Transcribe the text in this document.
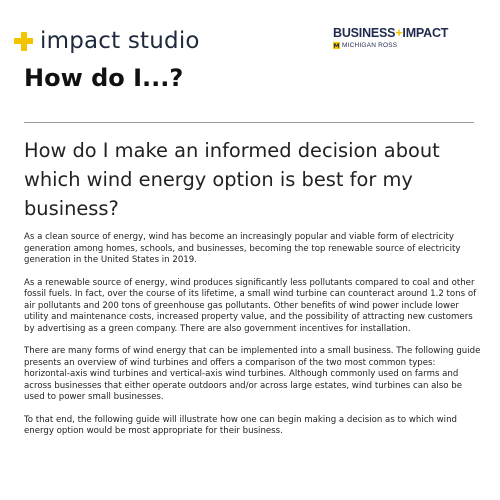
impact studio	BUSINESS+IMPACT
MICHIGAN ROSS
How do I...?
How do I make an informed decision about which wind energy option is best for my business?

As a clean source of energy, wind has become an increasingly popular and viable form of electricity generation among homes, schools, and businesses, becoming the top renewable source of electricity generation in the United States in 2019.

As a renewable source of energy, wind produces significantly less pollutants compared to coal and other fossil fuels. In fact, over the course of its lifetime, a small wind turbine can counteract around 1.2 tons of air pollutants and 200 tons of greenhouse gas pollutants. Other benefits of wind power include lower utility and maintenance costs, increased property value, and the possibility of attracting new customers by advertising as a green company. There are also government incentives for installation.

There are many forms of wind energy that can be implemented into a small business. The following guide presents an overview of wind turbines and offers a comparison of the two most common types: horizontal-axis wind turbines and vertical-axis wind turbines. Although commonly used on farms and across businesses that either operate outdoors and/or across large estates, wind turbines can also be used to power small businesses.

To that end, the following guide will illustrate how one can begin making a decision as to which wind energy option would be most appropriate for their business.
